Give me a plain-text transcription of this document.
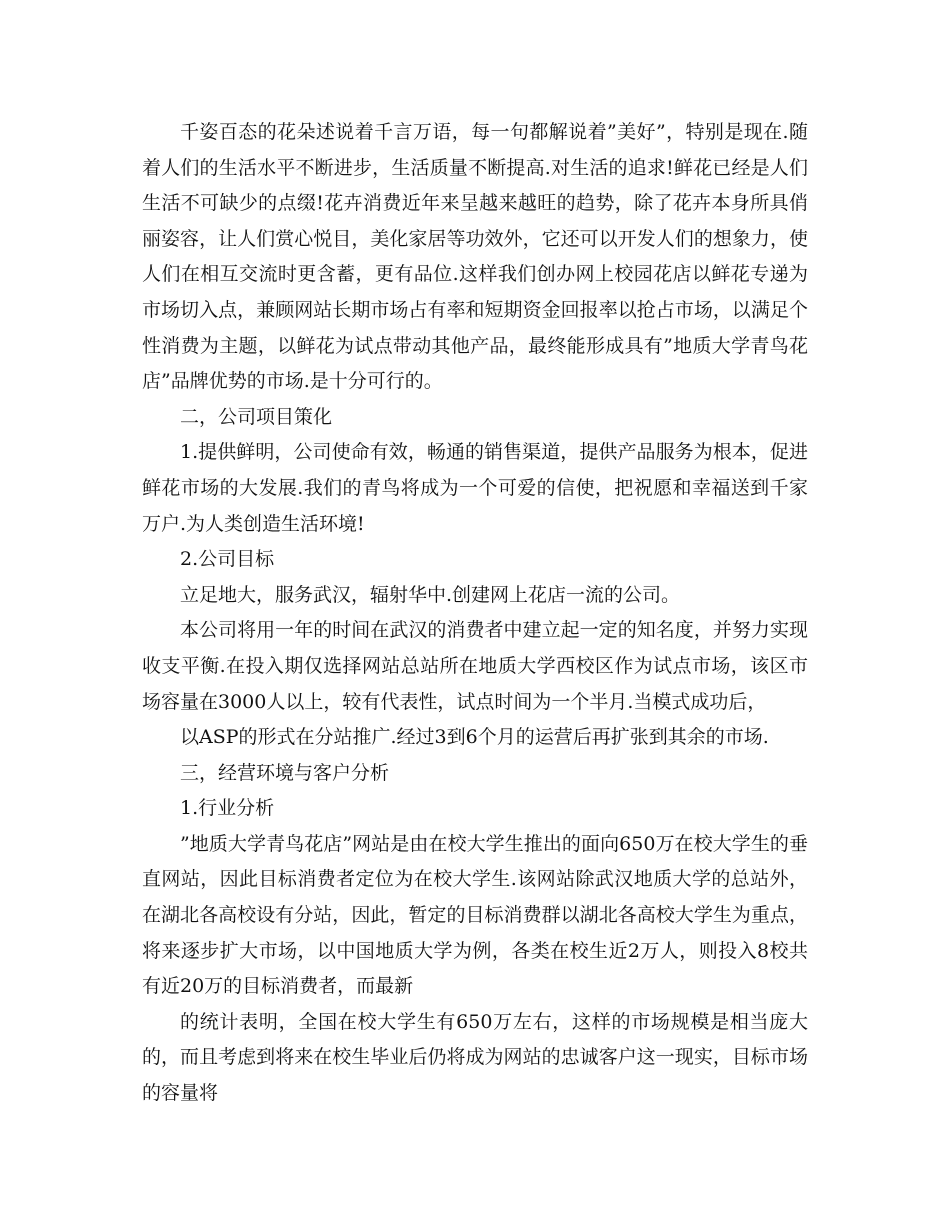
千姿百态的花朵述说着千言万语，每一句都解说着”美好”，特别是现在.随着人们的生活水平不断进步，生活质量不断提高.对生活的追求!鲜花已经是人们生活不可缺少的点缀!花卉消费近年来呈越来越旺的趋势，除了花卉本身所具俏丽姿容，让人们赏心悦目，美化家居等功效外，它还可以开发人们的想象力，使人们在相互交流时更含蓄，更有品位.这样我们创办网上校园花店以鲜花专递为市场切入点，兼顾网站长期市场占有率和短期资金回报率以抢占市场，以满足个性消费为主题，以鲜花为试点带动其他产品，最终能形成具有”地质大学青鸟花店”品牌优势的市场.是十分可行的。

二，公司项目策化

1.提供鲜明，公司使命有效，畅通的销售渠道，提供产品服务为根本，促进鲜花市场的大发展.我们的青鸟将成为一个可爱的信使，把祝愿和幸福送到千家万户.为人类创造生活环境!

2.公司目标

立足地大，服务武汉，辐射华中.创建网上花店一流的公司。

本公司将用一年的时间在武汉的消费者中建立起一定的知名度，并努力实现收支平衡.在投入期仅选择网站总站所在地质大学西校区作为试点市场，该区市场容量在3000人以上，较有代表性，试点时间为一个半月.当模式成功后，

以ASP的形式在分站推广.经过3到6个月的运营后再扩张到其余的市场.

三，经营环境与客户分析

1.行业分析

”地质大学青鸟花店”网站是由在校大学生推出的面向650万在校大学生的垂直网站，因此目标消费者定位为在校大学生.该网站除武汉地质大学的总站外，在湖北各高校设有分站，因此，暂定的目标消费群以湖北各高校大学生为重点，将来逐步扩大市场，以中国地质大学为例，各类在校生近2万人，则投入8校共有近20万的目标消费者，而最新

的统计表明，全国在校大学生有650万左右，这样的市场规模是相当庞大的，而且考虑到将来在校生毕业后仍将成为网站的忠诚客户这一现实，目标市场的容量将
